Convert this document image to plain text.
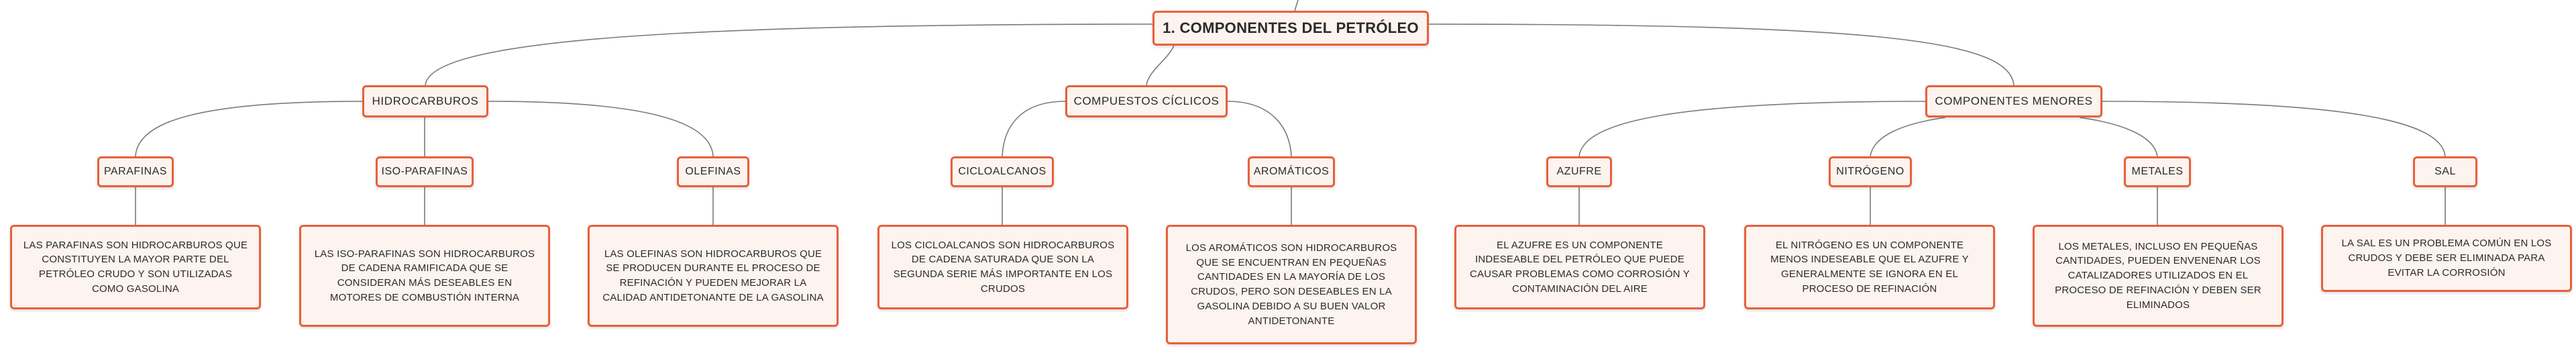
1. COMPONENTES DEL PETRÓLEO
HIDROCARBUROS	COMPUESTOS CÍCLICOS	COMPONENTES MENORES
PARAFINAS	ISO-PARAFINAS	OLEFINAS	CICLOALCANOS	AROMÁTICOS	AZUFRE	NITRÓGENO	METALES	SAL
LAS PARAFINAS SON HIDROCARBUROS QUE CONSTITUYEN LA MAYOR PARTE DEL PETRÓLEO CRUDO Y SON UTILIZADAS COMO GASOLINA
LAS ISO-PARAFINAS SON HIDROCARBUROS DE CADENA RAMIFICADA QUE SE CONSIDERAN MÁS DESEABLES EN MOTORES DE COMBUSTIÓN INTERNA
LAS OLEFINAS SON HIDROCARBUROS QUE SE PRODUCEN DURANTE EL PROCESO DE REFINACIÓN Y PUEDEN MEJORAR LA CALIDAD ANTIDETONANTE DE LA GASOLINA
LOS CICLOALCANOS SON HIDROCARBUROS DE CADENA SATURADA QUE SON LA SEGUNDA SERIE MÁS IMPORTANTE EN LOS CRUDOS
LOS AROMÁTICOS SON HIDROCARBUROS QUE SE ENCUENTRAN EN PEQUEÑAS CANTIDADES EN LA MAYORÍA DE LOS CRUDOS, PERO SON DESEABLES EN LA GASOLINA DEBIDO A SU BUEN VALOR ANTIDETONANTE
EL AZUFRE ES UN COMPONENTE INDESEABLE DEL PETRÓLEO QUE PUEDE CAUSAR PROBLEMAS COMO CORROSIÓN Y CONTAMINACIÓN DEL AIRE
EL NITRÓGENO ES UN COMPONENTE MENOS INDESEABLE QUE EL AZUFRE Y GENERALMENTE SE IGNORA EN EL PROCESO DE REFINACIÓN
LOS METALES, INCLUSO EN PEQUEÑAS CANTIDADES, PUEDEN ENVENENAR LOS CATALIZADORES UTILIZADOS EN EL PROCESO DE REFINACIÓN Y DEBEN SER ELIMINADOS
LA SAL ES UN PROBLEMA COMÚN EN LOS CRUDOS Y DEBE SER ELIMINADA PARA EVITAR LA CORROSIÓN
